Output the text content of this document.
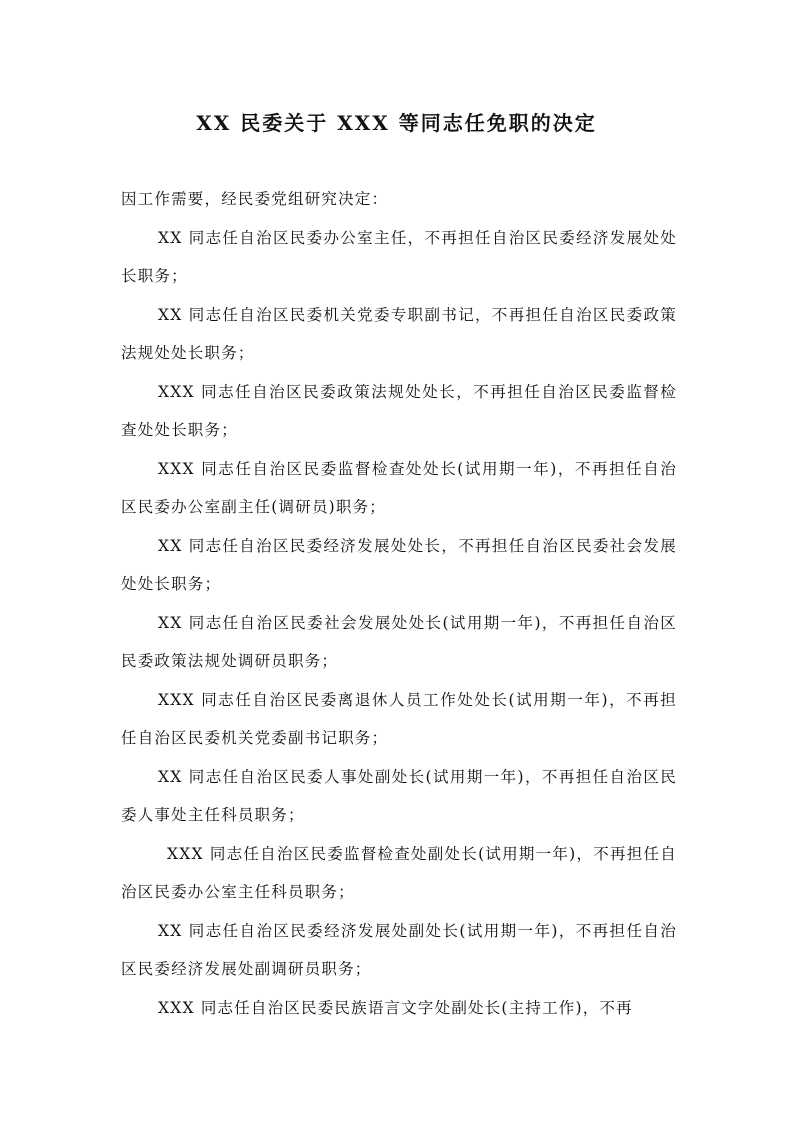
XX 民委关于 XXX 等同志任免职的决定

因工作需要，经民委党组研究决定：

XX 同志任自治区民委办公室主任，不再担任自治区民委经济发展处处长职务；

XX 同志任自治区民委机关党委专职副书记，不再担任自治区民委政策法规处处长职务；

XXX 同志任自治区民委政策法规处处长，不再担任自治区民委监督检查处处长职务；

XXX 同志任自治区民委监督检查处处长(试用期一年)，不再担任自治区民委办公室副主任(调研员)职务；

XX 同志任自治区民委经济发展处处长，不再担任自治区民委社会发展处处长职务；

XX 同志任自治区民委社会发展处处长(试用期一年)，不再担任自治区民委政策法规处调研员职务；

XXX 同志任自治区民委离退休人员工作处处长(试用期一年)，不再担任自治区民委机关党委副书记职务；

XX 同志任自治区民委人事处副处长(试用期一年)，不再担任自治区民委人事处主任科员职务；

XXX 同志任自治区民委监督检查处副处长(试用期一年)，不再担任自治区民委办公室主任科员职务；

XX 同志任自治区民委经济发展处副处长(试用期一年)，不再担任自治区民委经济发展处副调研员职务；

XXX 同志任自治区民委民族语言文字处副处长(主持工作)，不再
